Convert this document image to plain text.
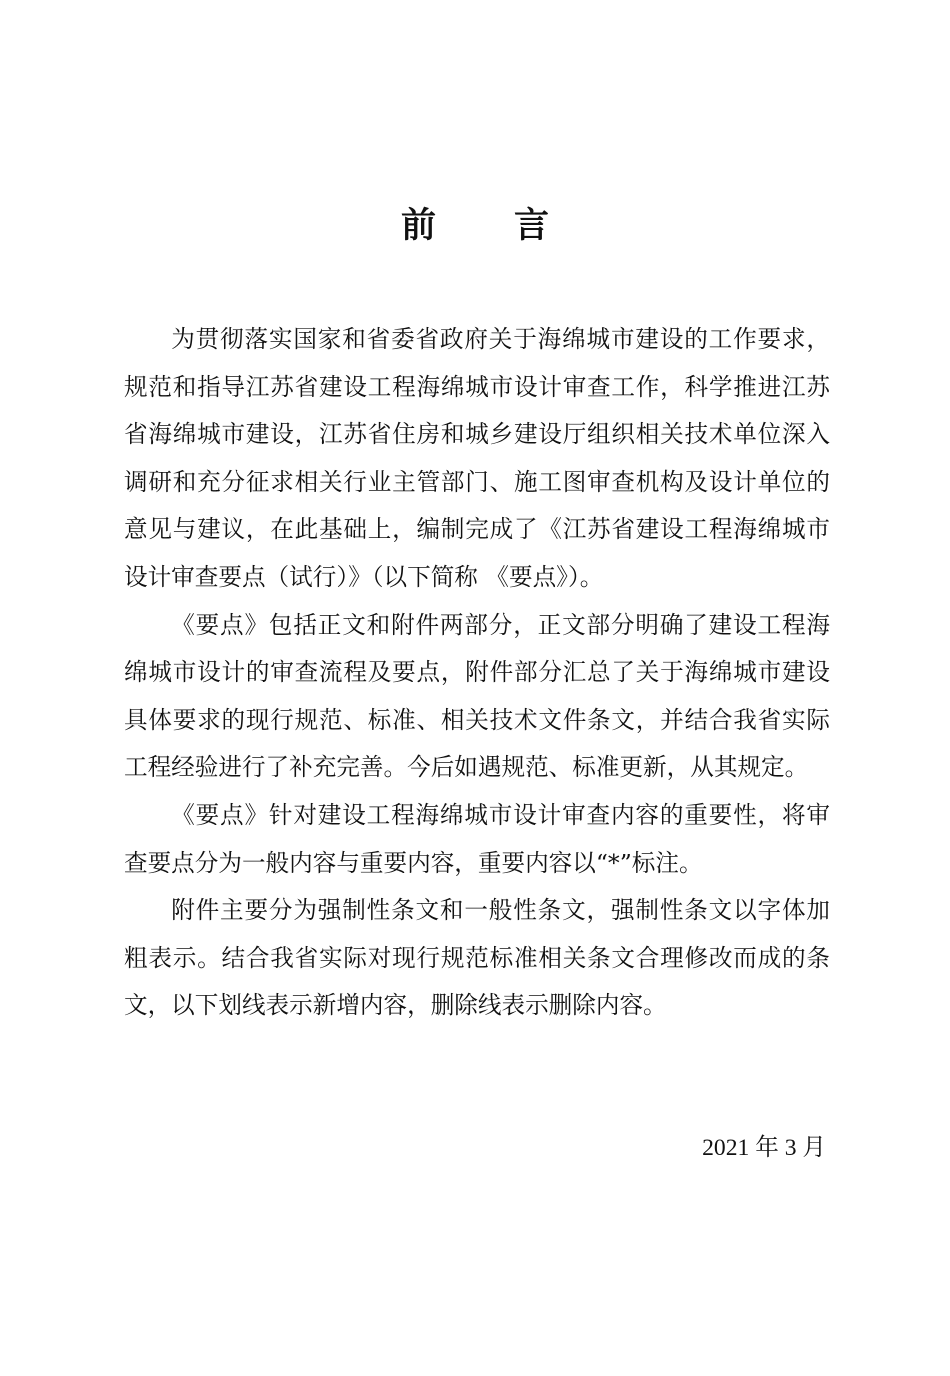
前 言

为贯彻落实国家和省委省政府关于海绵城市建设的工作要求，规范和指导江苏省建设工程海绵城市设计审查工作，科学推进江苏省海绵城市建设，江苏省住房和城乡建设厅组织相关技术单位深入调研和充分征求相关行业主管部门、施工图审查机构及设计单位的意见与建议，在此基础上，编制完成了《江苏省建设工程海绵城市设计审查要点（试行）》（以下简称 《要点》）。

《要点》包括正文和附件两部分，正文部分明确了建设工程海绵城市设计的审查流程及要点，附件部分汇总了关于海绵城市建设具体要求的现行规范、标准、相关技术文件条文，并结合我省实际工程经验进行了补充完善。今后如遇规范、标准更新，从其规定。

《要点》针对建设工程海绵城市设计审查内容的重要性，将审查要点分为一般内容与重要内容，重要内容以“*”标注。

附件主要分为强制性条文和一般性条文，强制性条文以字体加粗表示。结合我省实际对现行规范标准相关条文合理修改而成的条文，以下划线表示新增内容，删除线表示删除内容。

2021 年 3 月
